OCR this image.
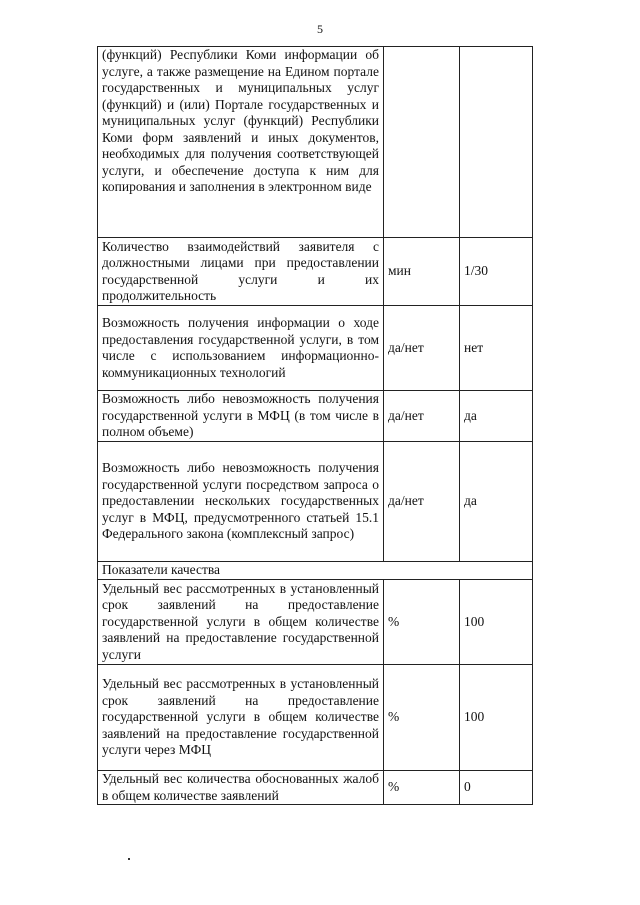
5
(функций) Республики Коми информации об услуге, а также размещение на Едином портале государственных и муниципальных услуг (функций) и (или) Портале государственных и муниципальных услуг (функций) Республики Коми форм заявлений и иных документов, необходимых для получения соответствующей услуги, и обеспечение доступа к ним для копирования и заполнения в электронном виде		
Количество взаимодействий заявителя с должностными лицами при предоставлении государственной услуги и их продолжительность	мин	1/30
Возможность получения информации о ходе предоставления государственной услуги, в том числе с использованием информационно-коммуникационных технологий	да/нет	нет
Возможность либо невозможность получения государственной услуги в МФЦ (в том числе в полном объеме)	да/нет	да
Возможность либо невозможность получения государственной услуги посредством запроса о предоставлении нескольких государственных услуг в МФЦ, предусмотренного статьей 15.1 Федерального закона (комплексный запрос)	да/нет	да
Показатели качества		
Удельный вес рассмотренных в установленный срок заявлений на предоставление государственной услуги в общем количестве заявлений на предоставление государственной услуги	%	100
Удельный вес рассмотренных в установленный срок заявлений на предоставление государственной услуги в общем количестве заявлений на предоставление государственной услуги через МФЦ	%	100
Удельный вес количества обоснованных жалоб в общем количестве заявлений	%	0
